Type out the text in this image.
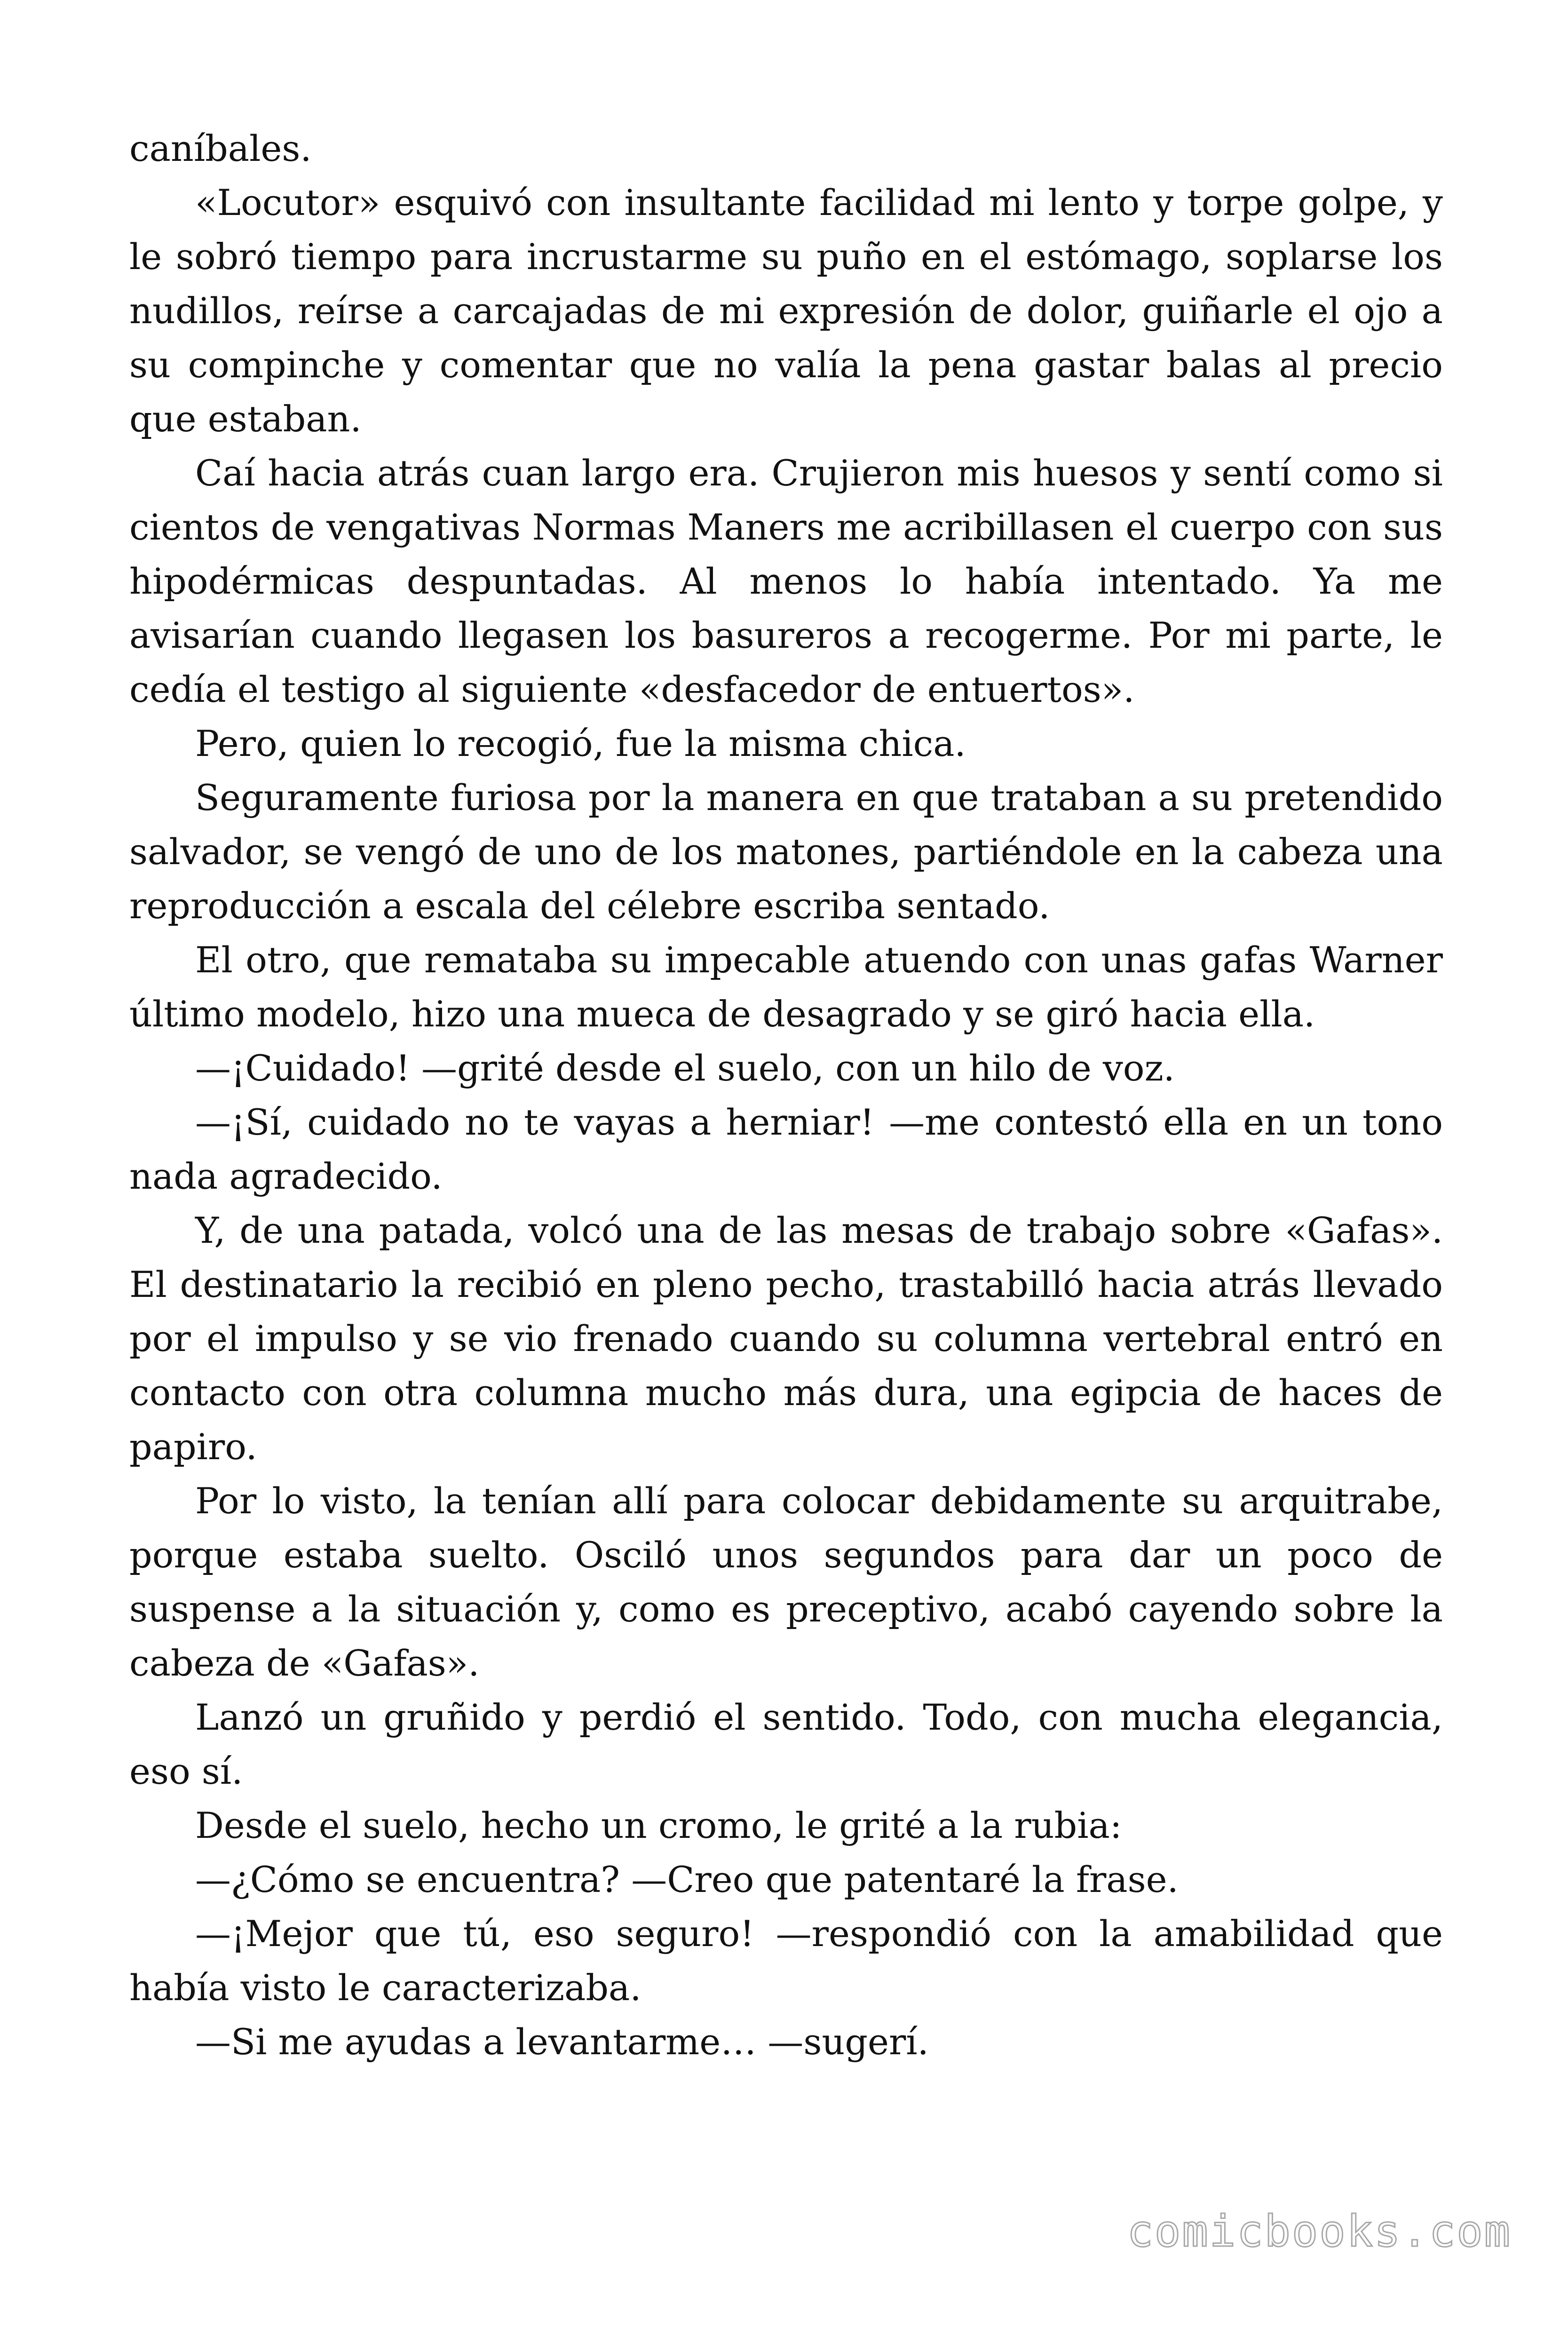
caníbales.

«Locutor» esquivó con insultante facilidad mi lento y torpe golpe, y le sobró tiempo para incrustarme su puño en el estómago, soplarse los nudillos, reírse a carcajadas de mi expresión de dolor, guiñarle el ojo a su compinche y comentar que no valía la pena gastar balas al precio que estaban.

Caí hacia atrás cuan largo era. Crujieron mis huesos y sentí como si cientos de vengativas Normas Maners me acribillasen el cuerpo con sus hipodérmicas despuntadas. Al menos lo había intentado. Ya me avisarían cuando llegasen los basureros a recogerme. Por mi parte, le cedía el testigo al siguiente «desfacedor de entuertos».

Pero, quien lo recogió, fue la misma chica.

Seguramente furiosa por la manera en que trataban a su pretendido salvador, se vengó de uno de los matones, partiéndole en la cabeza una reproducción a escala del célebre escriba sentado.

El otro, que remataba su impecable atuendo con unas gafas Warner último modelo, hizo una mueca de desagrado y se giró hacia ella.

—¡Cuidado! —grité desde el suelo, con un hilo de voz.

—¡Sí, cuidado no te vayas a herniar! —me contestó ella en un tono nada agradecido.

Y, de una patada, volcó una de las mesas de trabajo sobre «Gafas». El destinatario la recibió en pleno pecho, trastabilló hacia atrás llevado por el impulso y se vio frenado cuando su columna vertebral entró en contacto con otra columna mucho más dura, una egipcia de haces de papiro.

Por lo visto, la tenían allí para colocar debidamente su arquitrabe, porque estaba suelto. Osciló unos segundos para dar un poco de suspense a la situación y, como es preceptivo, acabó cayendo sobre la cabeza de «Gafas».

Lanzó un gruñido y perdió el sentido. Todo, con mucha elegancia, eso sí.

Desde el suelo, hecho un cromo, le grité a la rubia:

—¿Cómo se encuentra? —Creo que patentaré la frase.

—¡Mejor que tú, eso seguro! —respondió con la amabilidad que había visto le caracterizaba.

—Si me ayudas a levantarme… —sugerí.

comicbooks.com
